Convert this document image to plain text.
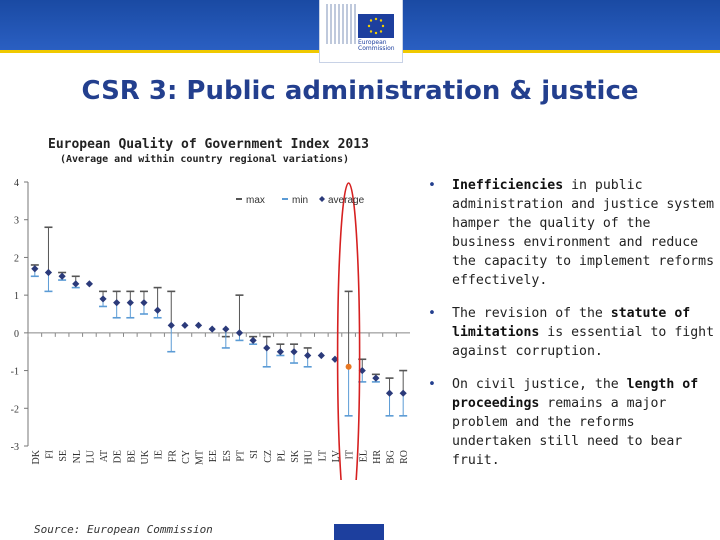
European
Commission
CSR 3: Public administration & justice
European Quality of Government Index 2013
(Average and within country regional variations)
4
3
2
1
0
-1
-2
-3
DK FI SE NL LU AT DE BE UK IE FR CY MT EE ES PT SI CZ PL SK HU LT LV IT EL HR BG RO
max	min average
• Inefficiencies in public administration and justice system hamper the quality of the business environment and reduce the capacity to implement reforms effectively.
• The revision of the statute of limitations is essential to fight against corruption.
• On civil justice, the length of proceedings remains a major problem and the reforms undertaken still need to bear fruit.
Source: European Commission
